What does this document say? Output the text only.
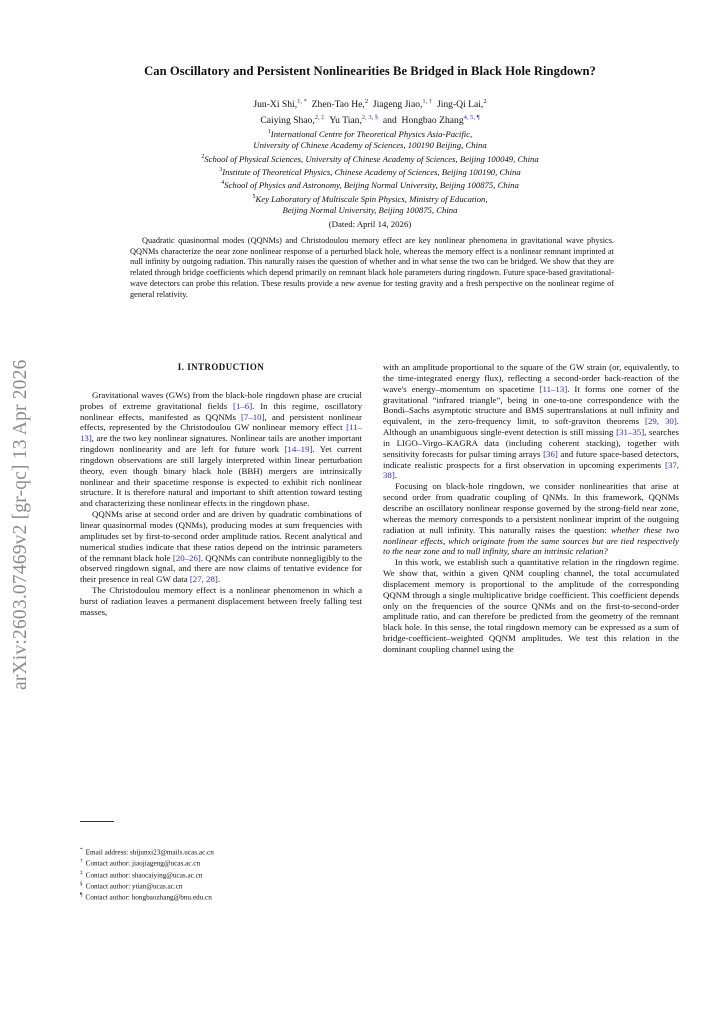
arXiv:2603.07469v2 [gr-qc] 13 Apr 2026
Can Oscillatory and Persistent Nonlinearities Be Bridged in Black Hole Ringdown?
Jun-Xi Shi,$^{1, *}$ Zhen-Tao He,$^2$ Jiageng Jiao,$^{1, \dagger}$ Jing-Qi Lai,$^2$
Caiying Shao,$^{2, \ddagger}$ Yu Tian,$^{2, 3, \S}$ and Hongbao Zhang$^{4, 5, \P}$
$^1$International Centre for Theoretical Physics Asia-Pacific,
University of Chinese Academy of Sciences, 100190 Beijing, China
$^2$School of Physical Sciences, University of Chinese Academy of Sciences, Beijing 100049, China
$^3$Institute of Theoretical Physics, Chinese Academy of Sciences, Beijing 100190, China
$^4$School of Physics and Astronomy, Beijing Normal University, Beijing 100875, China
$^5$Key Laboratory of Multiscale Spin Physics, Ministry of Education,
Beijing Normal University, Beijing 100875, China
(Dated: April 14, 2026)
Quadratic quasinormal modes (QQNMs) and Christodoulou memory effect are key nonlinear phenomena in gravitational wave physics. QQNMs characterize the near zone nonlinear response of a perturbed black hole, whereas the memory effect is a nonlinear remnant imprinted at null infinity by outgoing radiation. This naturally raises the question of whether and in what sense the two can be bridged. We show that they are related through bridge coefficients which depend primarily on remnant black hole parameters during ringdown. Future space-based gravitational-wave detectors can probe this relation. These results provide a new avenue for testing gravity and a fresh perspective on the nonlinear regime of general relativity.
I. INTRODUCTION

Gravitational waves (GWs) from the black-hole ringdown phase are crucial probes of extreme gravitational fields [1–6]. In this regime, oscillatory nonlinear effects, manifested as QQNMs [7–10], and persistent nonlinear effects, represented by the Christodoulou GW nonlinear memory effect [11–13], are the two key nonlinear signatures. Nonlinear tails are another important ringdown nonlinearity and are left for future work [14–19]. Yet current ringdown observations are still largely interpreted within linear perturbation theory, even though binary black hole (BBH) mergers are intrinsically nonlinear and their spacetime response is expected to exhibit rich nonlinear structure. It is therefore natural and important to shift attention toward testing and characterizing these nonlinear effects in the ringdown phase.

QQNMs arise at second order and are driven by quadratic combinations of linear quasinormal modes (QNMs), producing modes at sum frequencies with amplitudes set by first-to-second order amplitude ratios. Recent analytical and numerical studies indicate that these ratios depend on the intrinsic parameters of the remnant black hole [20–26]. QQNMs can contribute nonnegligibly to the observed ringdown signal, and there are now claims of tentative evidence for their presence in real GW data [27, 28].

The Christodoulou memory effect is a nonlinear phenomenon in which a burst of radiation leaves a permanent displacement between freely falling test masses,

with an amplitude proportional to the square of the GW strain (or, equivalently, to the time-integrated energy flux), reflecting a second-order back-reaction of the wave's energy–momentum on spacetime [11–13]. It forms one corner of the gravitational “infrared triangle”, being in one-to-one correspondence with the Bondi–Sachs asymptotic structure and BMS supertranslations at null infinity and equivalent, in the zero-frequency limit, to soft-graviton theorems [29, 30]. Although an unambiguous single-event detection is still missing [31–35], searches in LIGO–Virgo–KAGRA data (including coherent stacking), together with sensitivity forecasts for pulsar timing arrays [36] and future space-based detectors, indicate realistic prospects for a first observation in upcoming experiments [37, 38].

Focusing on black-hole ringdown, we consider nonlinearities that arise at second order from quadratic coupling of QNMs. In this framework, QQNMs describe an oscillatory nonlinear response governed by the strong-field near zone, whereas the memory corresponds to a persistent nonlinear imprint of the outgoing radiation at null infinity. This naturally raises the question: whether these two nonlinear effects, which originate from the same sources but are tied respectively to the near zone and to null infinity, share an intrinsic relation?

In this work, we establish such a quantitative relation in the ringdown regime. We show that, within a given QNM coupling channel, the total accumulated displacement memory is proportional to the amplitude of the corresponding QQNM through a single multiplicative bridge coefficient. This coefficient depends only on the frequencies of the source QNMs and on the first-to-second-order amplitude ratio, and can therefore be predicted from the geometry of the remnant black hole. In this sense, the total ringdown memory can be expressed as a sum of bridge-coefficient–weighted QQNM amplitudes. We test this relation in the dominant coupling channel using the

* Email address: shijunxi23@mails.ucas.ac.cn
† Contact author: jiaojiageng@ucas.ac.cn
‡ Contact author: shaocaiying@ucas.ac.cn
§ Contact author: ytian@ucas.ac.cn
¶ Contact author: hongbaozhang@bnu.edu.cn
